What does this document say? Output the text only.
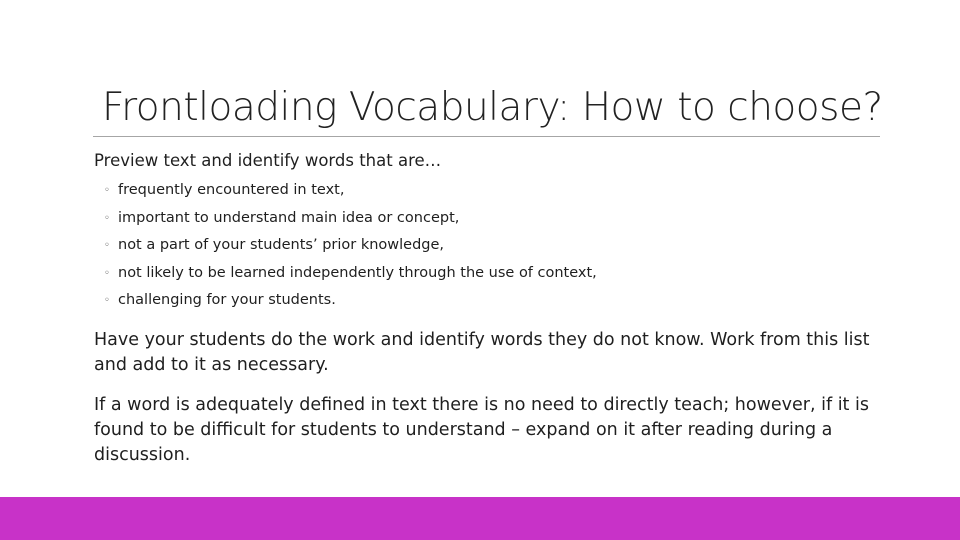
Frontloading Vocabulary: How to choose?

Preview text and identify words that are…

◦ frequently encountered in text,
◦ important to understand main idea or concept,
◦ not a part of your students’ prior knowledge,
◦ not likely to be learned independently through the use of context,
◦ challenging for your students.

Have your students do the work and identify words they do not know. Work from this list and add to it as necessary.

If a word is adequately defined in text there is no need to directly teach; however, if it is found to be difficult for students to understand – expand on it after reading during a discussion.
